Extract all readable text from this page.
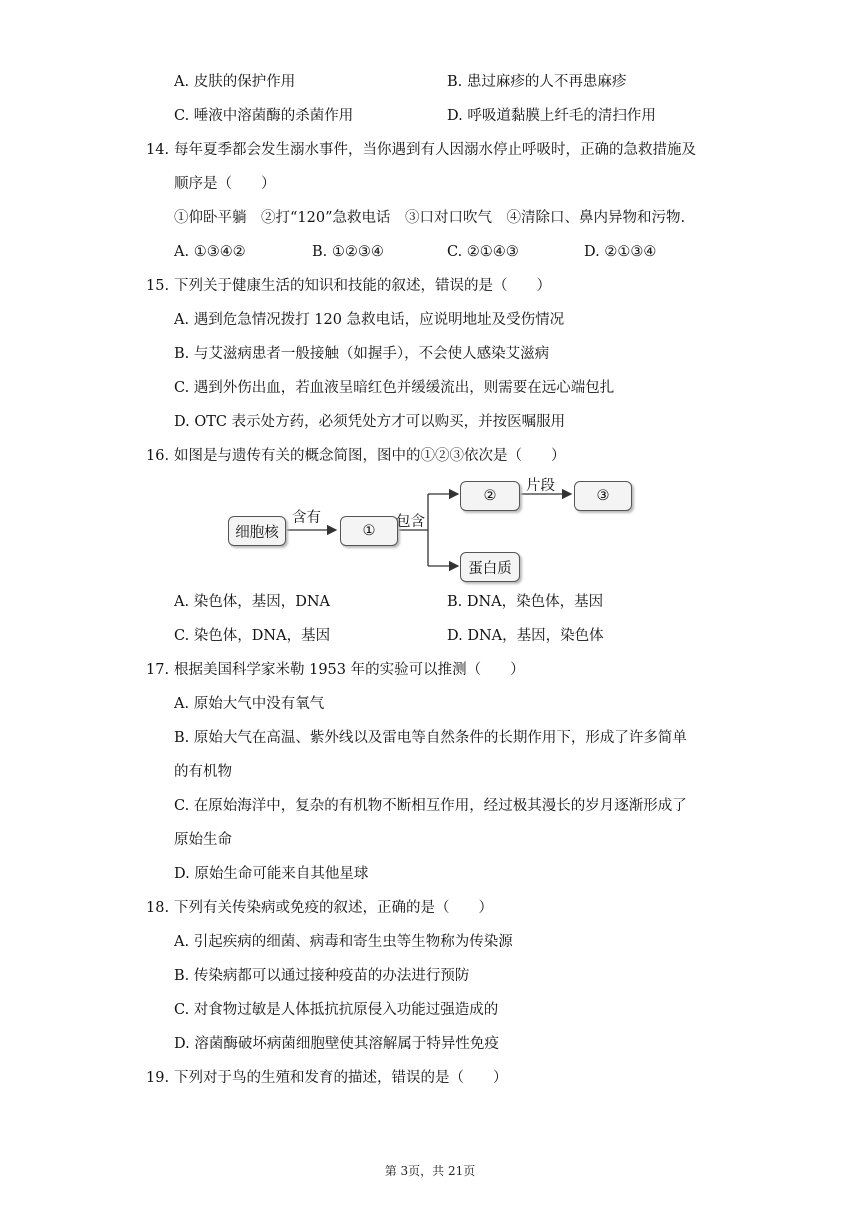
A. 皮肤的保护作用	B. 患过麻疹的人不再患麻疹
C. 唾液中溶菌酶的杀菌作用	D. 呼吸道黏膜上纤毛的清扫作用
14. 每年夏季都会发生溺水事件，当你遇到有人因溺水停止呼吸时，正确的急救措施及
顺序是（　　）
①仰卧平躺　②打“120”急救电话　③口对口吹气　④清除口、鼻内异物和污物.
A. ①③④②	B. ①②③④	C. ②①④③	D. ②①③④
15. 下列关于健康生活的知识和技能的叙述，错误的是（　　）
A. 遇到危急情况拨打 120 急救电话，应说明地址及受伤情况
B. 与艾滋病患者一般接触（如握手），不会使人感染艾滋病
C. 遇到外伤出血，若血液呈暗红色并缓缓流出，则需要在远心端包扎
D. OTC 表示处方药，必须凭处方才可以购买，并按医嘱服用
16. 如图是与遗传有关的概念简图，图中的①②③依次是（　　）
细胞核
含有
①
包含
②
片段
③
蛋白质
A. 染色体，基因，DNA	B. DNA，染色体，基因
C. 染色体，DNA，基因	D. DNA，基因，染色体
17. 根据美国科学家米勒 1953 年的实验可以推测（　　）
A. 原始大气中没有氧气
B. 原始大气在高温、紫外线以及雷电等自然条件的长期作用下，形成了许多简单
的有机物
C. 在原始海洋中，复杂的有机物不断相互作用，经过极其漫长的岁月逐渐形成了
原始生命
D. 原始生命可能来自其他星球
18. 下列有关传染病或免疫的叙述，正确的是（　　）
A. 引起疾病的细菌、病毒和寄生虫等生物称为传染源
B. 传染病都可以通过接种疫苗的办法进行预防
C. 对食物过敏是人体抵抗抗原侵入功能过强造成的
D. 溶菌酶破坏病菌细胞壁使其溶解属于特异性免疫
19. 下列对于鸟的生殖和发育的描述，错误的是（　　）
第 3页，共 21页
